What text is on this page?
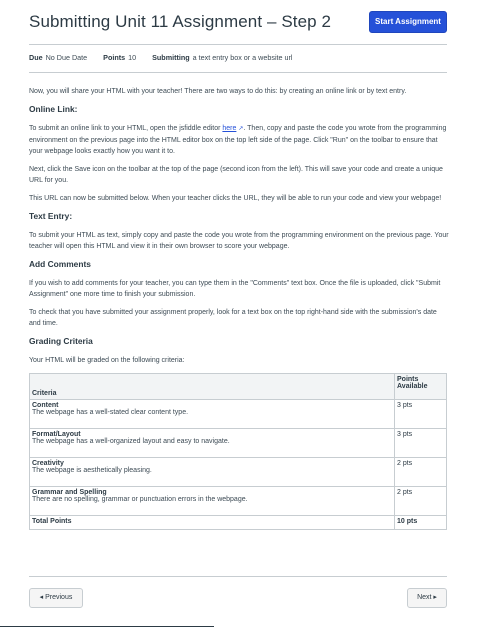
Submitting Unit 11 Assignment – Step 2	Start Assignment
Due No Due Date Points 10 Submitting a text entry box or a website url

Now, you will share your HTML with your teacher! There are two ways to do this: by creating an online link or by text entry.

Online Link:

To submit an online link to your HTML, open the jsfiddle editor here ↗. Then, copy and paste the code you wrote from the programming environment on the previous page into the HTML editor box on the top left side of the page. Click "Run" on the toolbar to ensure that your webpage looks exactly how you want it to.

Next, click the Save icon on the toolbar at the top of the page (second icon from the left). This will save your code and create a unique URL for you.

This URL can now be submitted below. When your teacher clicks the URL, they will be able to run your code and view your webpage!

Text Entry:

To submit your HTML as text, simply copy and paste the code you wrote from the programming environment on the previous page. Your teacher will open this HTML and view it in their own browser to score your webpage.

Add Comments

If you wish to add comments for your teacher, you can type them in the "Comments" text box. Once the file is uploaded, click "Submit Assignment" one more time to finish your submission.

To check that you have submitted your assignment properly, look for a text box on the top right-hand side with the submission's date and time.

Grading Criteria

Your HTML will be graded on the following criteria:

Criteria	Points
Available

Content
The webpage has a well-stated clear content type.	3 pts

Format/Layout
The webpage has a well-organized layout and easy to navigate.	3 pts

Creativity
The webpage is aesthetically pleasing.	2 pts

Grammar and Spelling
There are no spelling, grammar or punctuation errors in the webpage.	2 pts
Total Points	10 pts
◂ Previous	Next ▸
